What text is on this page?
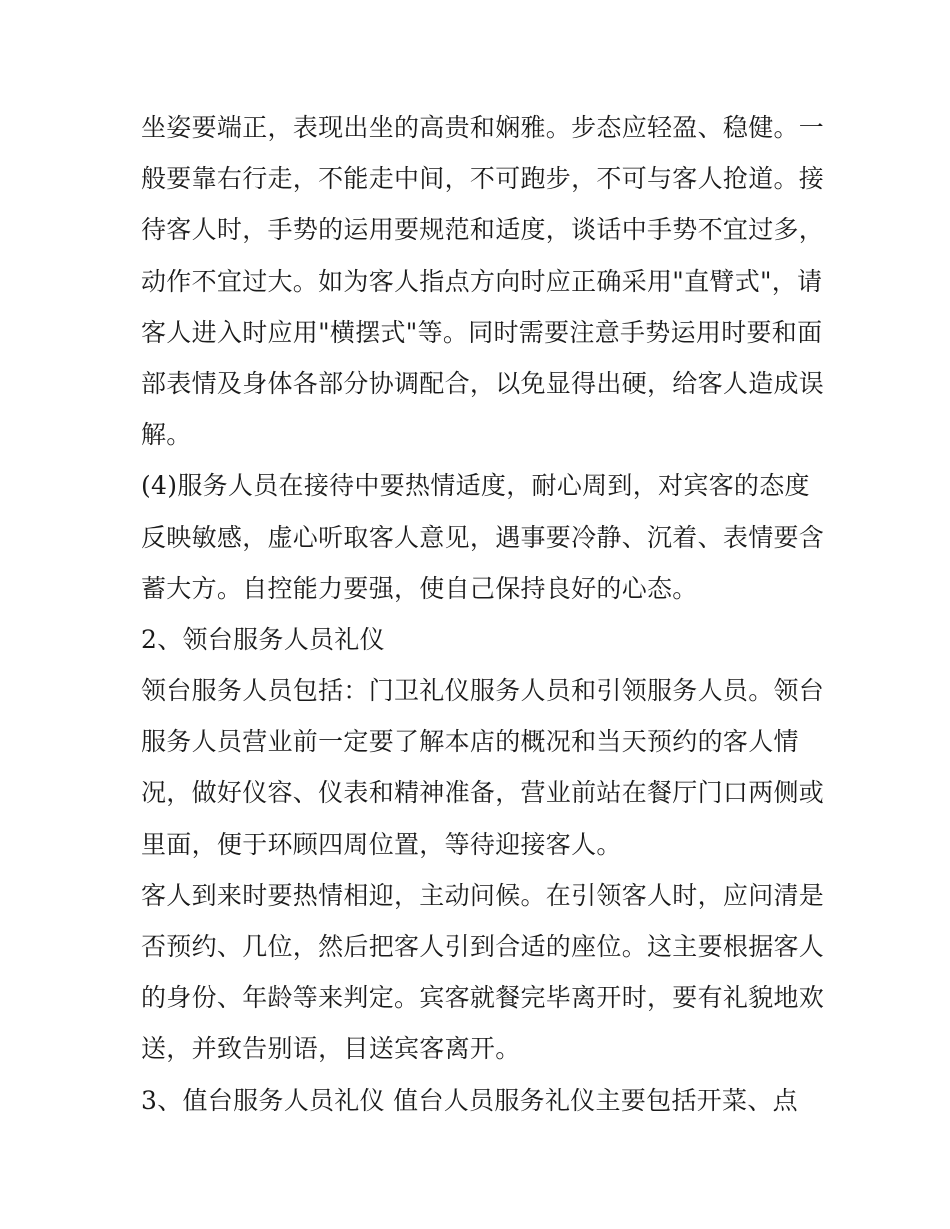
坐姿要端正，表现出坐的高贵和娴雅。步态应轻盈、稳健。一
般要靠右行走，不能走中间，不可跑步，不可与客人抢道。接
待客人时，手势的运用要规范和适度，谈话中手势不宜过多，
动作不宜过大。如为客人指点方向时应正确采用"直臂式"，请
客人进入时应用"横摆式"等。同时需要注意手势运用时要和面
部表情及身体各部分协调配合，以免显得出硬，给客人造成误
解。
(4)服务人员在接待中要热情适度，耐心周到，对宾客的态度
反映敏感，虚心听取客人意见，遇事要冷静、沉着、表情要含
蓄大方。自控能力要强，使自己保持良好的心态。
2、领台服务人员礼仪
领台服务人员包括：门卫礼仪服务人员和引领服务人员。领台
服务人员营业前一定要了解本店的概况和当天预约的客人情
况，做好仪容、仪表和精神准备，营业前站在餐厅门口两侧或
里面，便于环顾四周位置，等待迎接客人。
客人到来时要热情相迎，主动问候。在引领客人时，应问清是
否预约、几位，然后把客人引到合适的座位。这主要根据客人
的身份、年龄等来判定。宾客就餐完毕离开时，要有礼貌地欢
送，并致告别语，目送宾客离开。
3、值台服务人员礼仪 值台人员服务礼仪主要包括开菜、点
